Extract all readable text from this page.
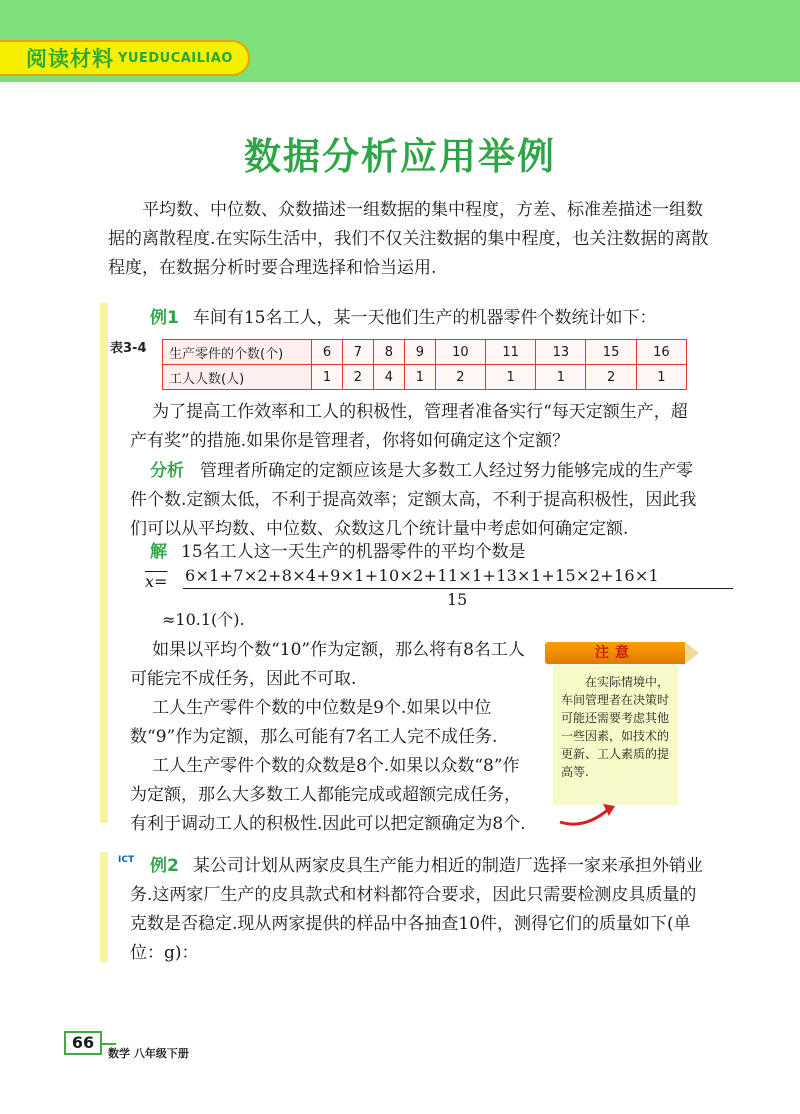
阅读材料 YUEDUCAILIAO
数据分析应用举例
平均数、中位数、众数描述一组数据的集中程度，方差、标准差描述一组数据的离散程度.在实际生活中，我们不仅关注数据的集中程度，也关注数据的离散程度，在数据分析时要合理选择和恰当运用.
例1 车间有15名工人，某一天他们生产的机器零件个数统计如下：
表3-4 生产零件的个数(个)	6	7	8	9	10	11	13	15	16
工人人数(人)	1	2	4	1	2	1	1	2	1
为了提高工作效率和工人的积极性，管理者准备实行“每天定额生产，超产有奖”的措施.如果你是管理者，你将如何确定这个定额？
分析 管理者所确定的定额应该是大多数工人经过努力能够完成的生产零件个数.定额太低，不利于提高效率；定额太高，不利于提高积极性，因此我们可以从平均数、中位数、众数这几个统计量中考虑如何确定定额.
解 15名工人这一天生产的机器零件的平均个数是
$\overline{x}= 6\times 1+7\times 2+8\times 4+9\times 1+10\times 2+11\times 1+13\times 1+15\times 2+16\times 1$
15
≈10.1(个).
如果以平均个数“10”作为定额，那么将有8名工人可能完不成任务，因此不可取.
工人生产零件个数的中位数是9个.如果以中位数“9”作为定额，那么可能有7名工人完不成任务.
工人生产零件个数的众数是8个.如果以众数“8”作为定额，那么大多数工人都能完成或超额完成任务，有利于调动工人的积极性.因此可以把定额确定为8个.
注意
在实际情境中，车间管理者在决策时可能还需要考虑其他一些因素，如技术的更新、工人素质的提高等.
ICT 例2 某公司计划从两家皮具生产能力相近的制造厂选择一家来承担外销业务.这两家厂生产的皮具款式和材料都符合要求，因此只需要检测皮具质量的克数是否稳定.现从两家提供的样品中各抽查10件，测得它们的质量如下(单位：g)：
66
数学 八年级下册
